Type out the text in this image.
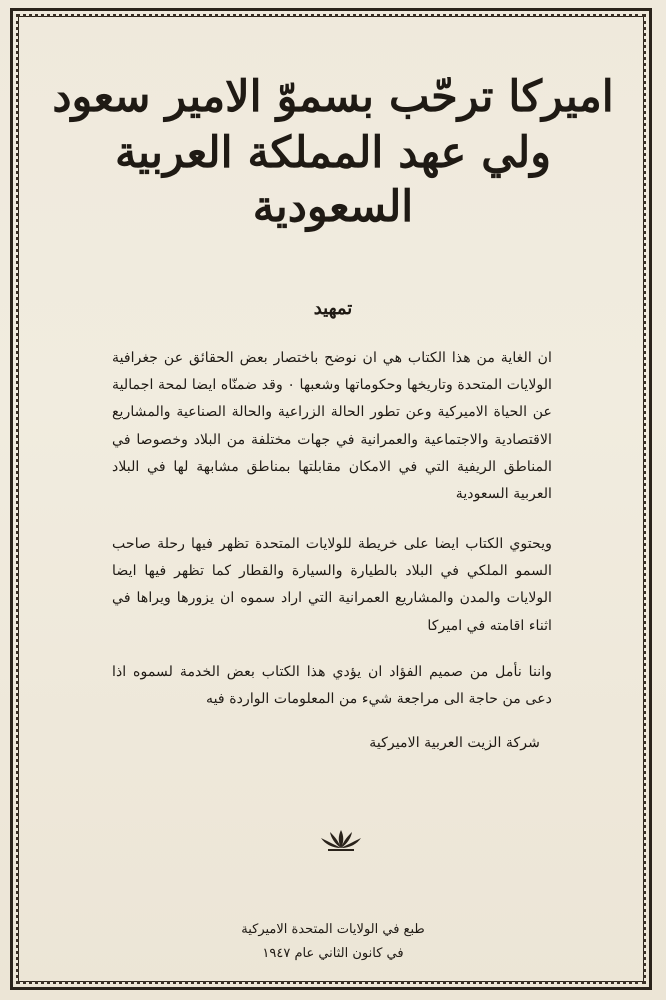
اميركا ترحّب بسموّ الامير سعود
ولي عهد المملكة العربية السعودية
تمهيد
ان الغاية من هذا الكتاب هي ان نوضح باختصار بعض الحقائق عن جغرافية الولايات المتحدة وتاريخها وحكوماتها وشعبها ٠ وقد ضمنّاه ايضا لمحة اجمالية عن الحياة الاميركية وعن تطور الحالة الزراعية والحالة الصناعية والمشاريع الاقتصادية والاجتماعية والعمرانية في جهات مختلفة من البلاد وخصوصا في المناطق الريفية التي في الامكان مقابلتها بمناطق مشابهة لها في البلاد العربية السعودية
ويحتوي الكتاب ايضا على خريطة للولايات المتحدة تظهر فيها رحلة صاحب السمو الملكي في البلاد بالطيارة والسيارة والقطار كما تظهر فيها ايضا الولايات والمدن والمشاريع العمرانية التي اراد سموه ان يزورها ويراها في اثناء اقامته في اميركا
واننا نأمل من صميم الفؤاد ان يؤدي هذا الكتاب بعض الخدمة لسموه اذا دعى من حاجة الى مراجعة شيء من المعلومات الواردة فيه
شركة الزيت العربية الاميركية
طبع في الولايات المتحدة الاميركية
في كانون الثاني عام ١٩٤٧
